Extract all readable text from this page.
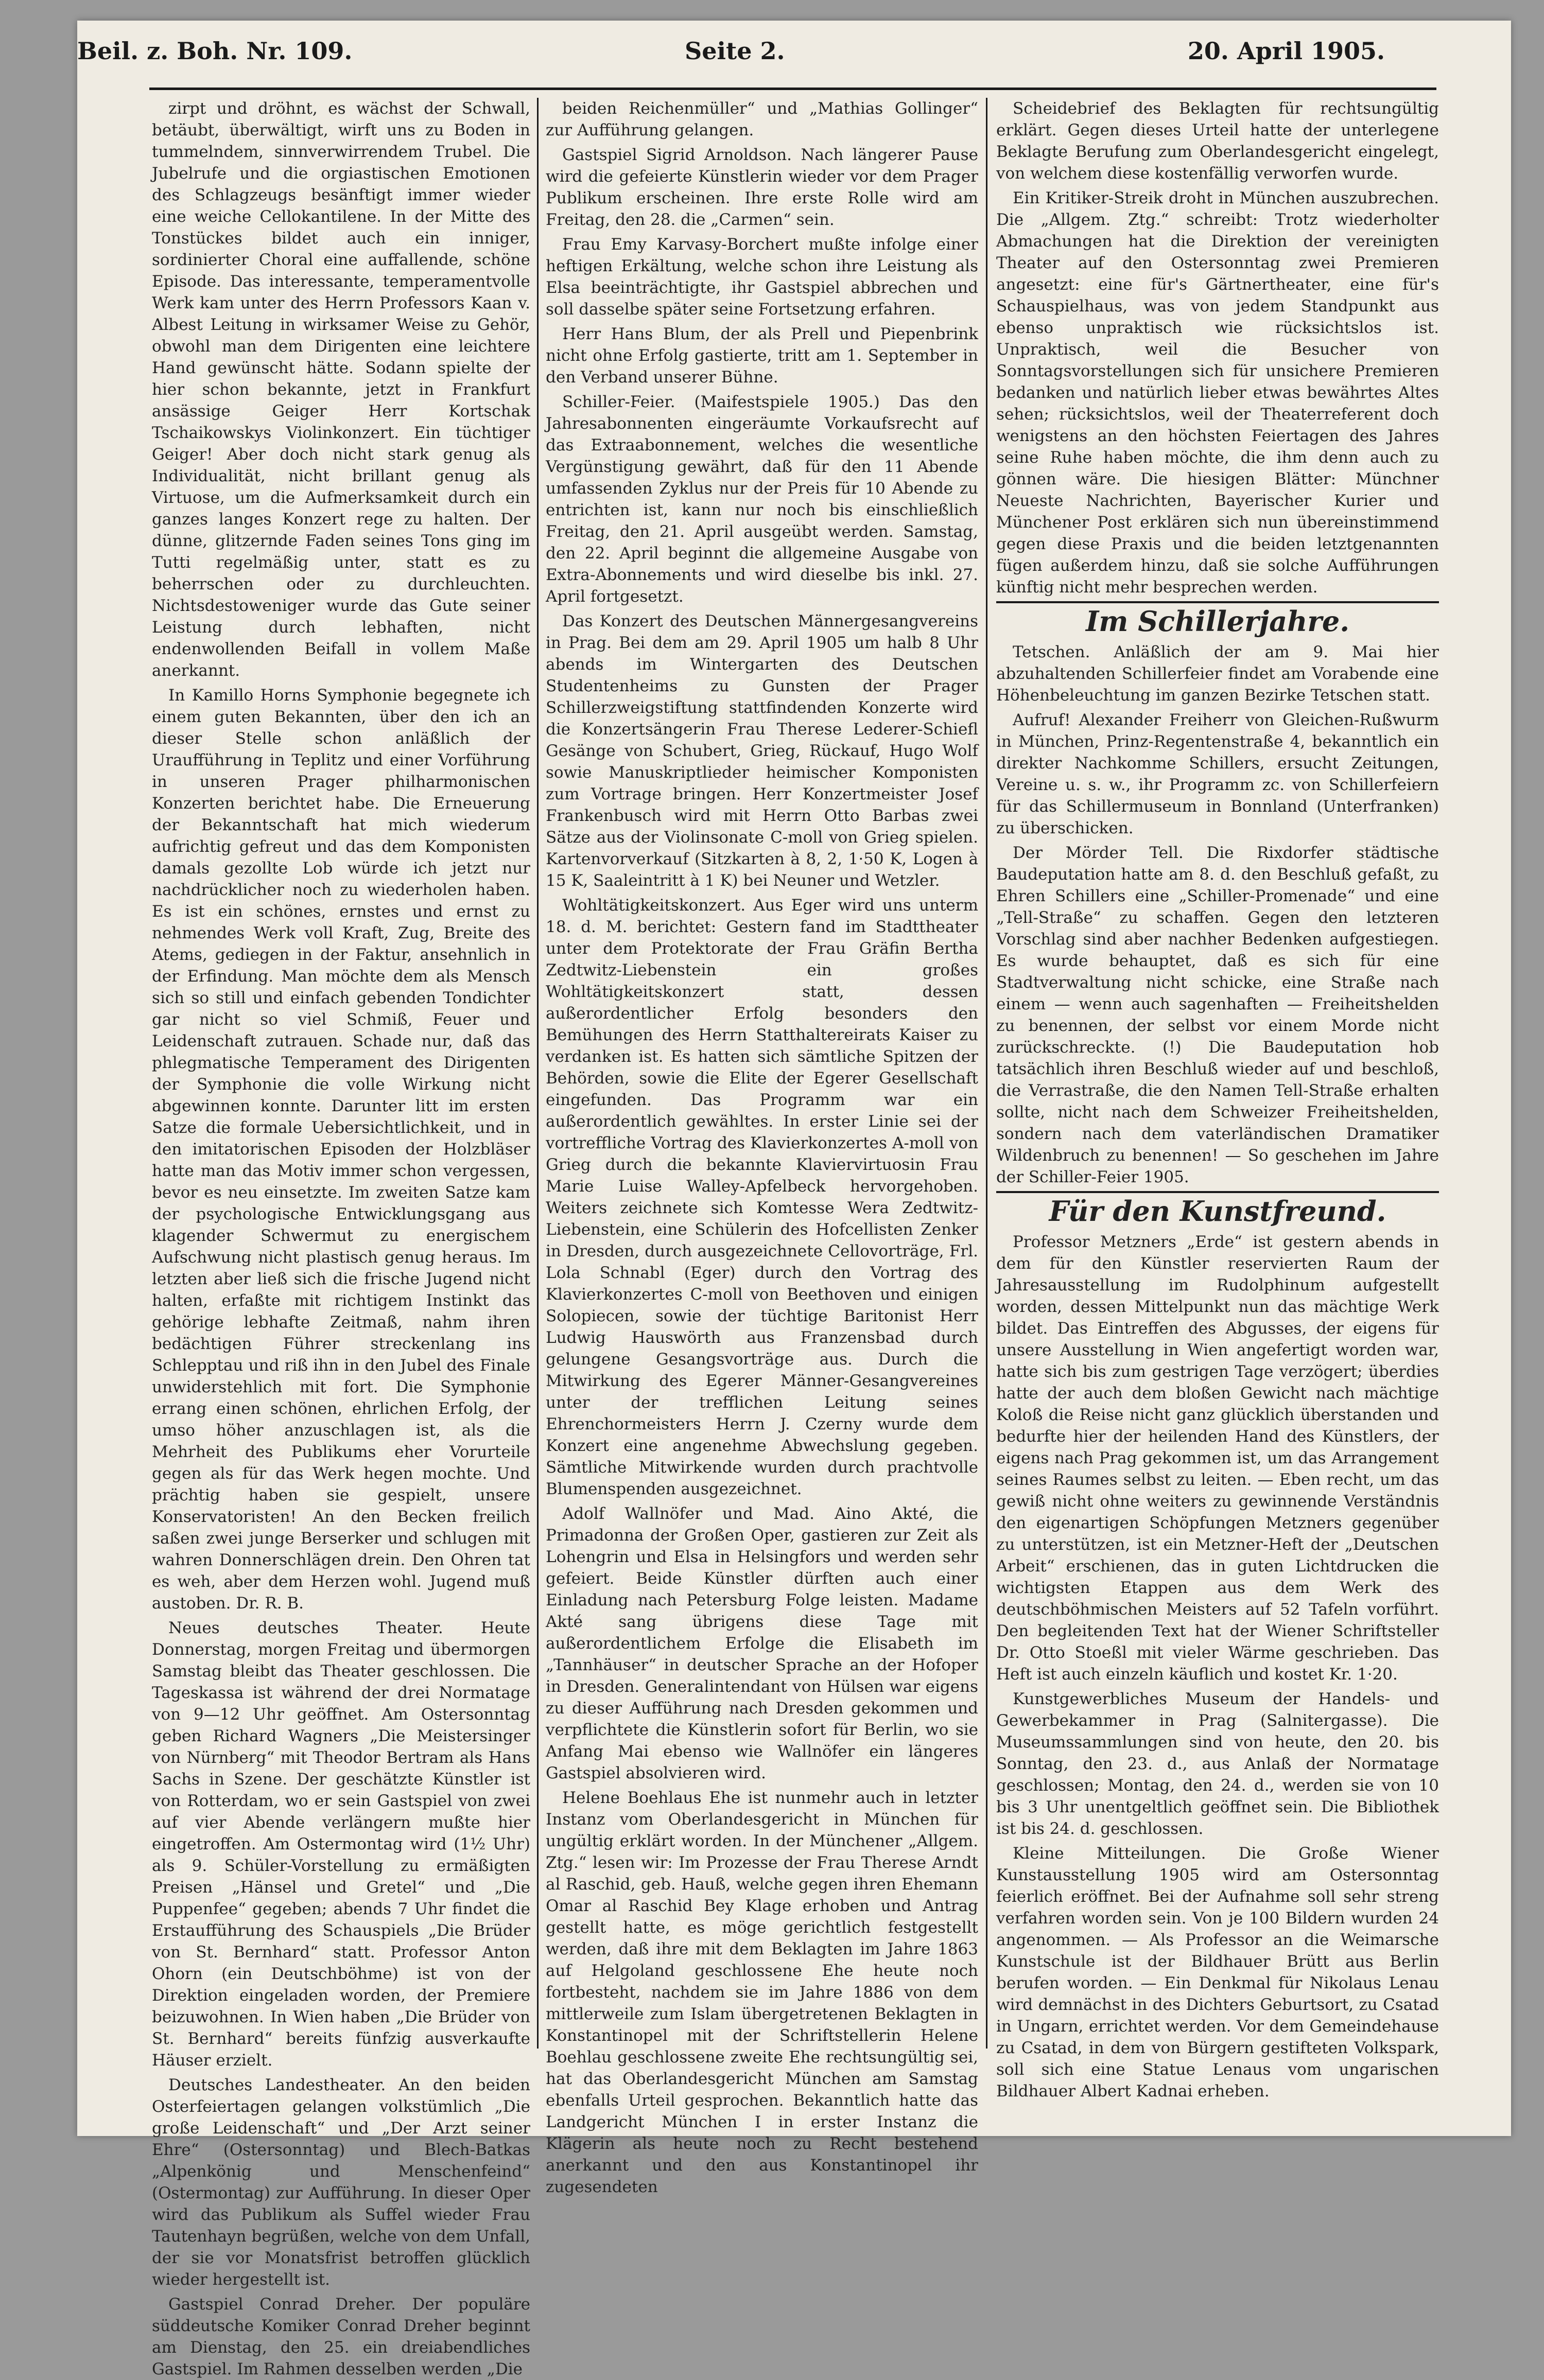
Beil. z. Boh. Nr. 109.	Seite 2.	20. April 1905.

zirpt und dröhnt, es wächst der Schwall, betäubt, überwältigt, wirft uns zu Boden in tummelndem, sinnverwirrendem Trubel. Die Jubelrufe und die orgiastischen Emotionen des Schlagzeugs besänftigt immer wieder eine weiche Cellokantilene. In der Mitte des Tonstückes bildet auch ein inniger, sordinierter Choral eine auffallende, schöne Episode. Das interessante, temperamentvolle Werk kam unter des Herrn Professors Kaan v. Albest Leitung in wirksamer Weise zu Gehör, obwohl man dem Dirigenten eine leichtere Hand gewünscht hätte. Sodann spielte der hier schon bekannte, jetzt in Frankfurt ansässige Geiger Herr Kortschak Tschaikowskys Violinkonzert. Ein tüchtiger Geiger! Aber doch nicht stark genug als Individualität, nicht brillant genug als Virtuose, um die Aufmerksamkeit durch ein ganzes langes Konzert rege zu halten. Der dünne, glitzernde Faden seines Tons ging im Tutti regelmäßig unter, statt es zu beherrschen oder zu durchleuchten. Nichtsdestoweniger wurde das Gute seiner Leistung durch lebhaften, nicht endenwollenden Beifall in vollem Maße anerkannt.

In Kamillo Horns Symphonie begegnete ich einem guten Bekannten, über den ich an dieser Stelle schon anläßlich der Uraufführung in Teplitz und einer Vorführung in unseren Prager philharmonischen Konzerten berichtet habe. Die Erneuerung der Bekanntschaft hat mich wiederum aufrichtig gefreut und das dem Komponisten damals gezollte Lob würde ich jetzt nur nachdrücklicher noch zu wiederholen haben. Es ist ein schönes, ernstes und ernst zu nehmendes Werk voll Kraft, Zug, Breite des Atems, gediegen in der Faktur, ansehnlich in der Erfindung. Man möchte dem als Mensch sich so still und einfach gebenden Tondichter gar nicht so viel Schmiß, Feuer und Leidenschaft zutrauen. Schade nur, daß das phlegmatische Temperament des Dirigenten der Symphonie die volle Wirkung nicht abgewinnen konnte. Darunter litt im ersten Satze die formale Uebersichtlichkeit, und in den imitatorischen Episoden der Holzbläser hatte man das Motiv immer schon vergessen, bevor es neu einsetzte. Im zweiten Satze kam der psychologische Entwicklungsgang aus klagender Schwermut zu energischem Aufschwung nicht plastisch genug heraus. Im letzten aber ließ sich die frische Jugend nicht halten, erfaßte mit richtigem Instinkt das gehörige lebhafte Zeitmaß, nahm ihren bedächtigen Führer streckenlang ins Schlepptau und riß ihn in den Jubel des Finale unwiderstehlich mit fort. Die Symphonie errang einen schönen, ehrlichen Erfolg, der umso höher anzuschlagen ist, als die Mehrheit des Publikums eher Vorurteile gegen als für das Werk hegen mochte. Und prächtig haben sie gespielt, unsere Konservatoristen! An den Becken freilich saßen zwei junge Berserker und schlugen mit wahren Donnerschlägen drein. Den Ohren tat es weh, aber dem Herzen wohl. Jugend muß austoben. Dr. R. B.

Neues deutsches Theater. Heute Donnerstag, morgen Freitag und übermorgen Samstag bleibt das Theater geschlossen. Die Tageskassa ist während der drei Normatage von 9—12 Uhr geöffnet. Am Ostersonntag geben Richard Wagners „Die Meistersinger von Nürnberg“ mit Theodor Bertram als Hans Sachs in Szene. Der geschätzte Künstler ist von Rotterdam, wo er sein Gastspiel von zwei auf vier Abende verlängern mußte hier eingetroffen. Am Ostermontag wird (1½ Uhr) als 9. Schüler-Vorstellung zu ermäßigten Preisen „Hänsel und Gretel“ und „Die Puppenfee“ gegeben; abends 7 Uhr findet die Erstaufführung des Schauspiels „Die Brüder von St. Bernhard“ statt. Professor Anton Ohorn (ein Deutschböhme) ist von der Direktion eingeladen worden, der Premiere beizuwohnen. In Wien haben „Die Brüder von St. Bernhard“ bereits fünfzig ausverkaufte Häuser erzielt.

Deutsches Landestheater. An den beiden Osterfeiertagen gelangen volkstümlich „Die große Leidenschaft“ und „Der Arzt seiner Ehre“ (Ostersonntag) und Blech-Batkas „Alpenkönig und Menschenfeind“ (Ostermontag) zur Aufführung. In dieser Oper wird das Publikum als Suffel wieder Frau Tautenhayn begrüßen, welche von dem Unfall, der sie vor Monatsfrist betroffen glücklich wieder hergestellt ist.

Gastspiel Conrad Dreher. Der populäre süddeutsche Komiker Conrad Dreher beginnt am Dienstag, den 25. ein dreiabendliches Gastspiel. Im Rahmen desselben werden „Die

beiden Reichenmüller“ und „Mathias Gollinger“ zur Aufführung gelangen.

Gastspiel Sigrid Arnoldson. Nach längerer Pause wird die gefeierte Künstlerin wieder vor dem Prager Publikum erscheinen. Ihre erste Rolle wird am Freitag, den 28. die „Carmen“ sein.

Frau Emy Karvasy-Borchert mußte infolge einer heftigen Erkältung, welche schon ihre Leistung als Elsa beeinträchtigte, ihr Gastspiel abbrechen und soll dasselbe später seine Fortsetzung erfahren.

Herr Hans Blum, der als Prell und Piepenbrink nicht ohne Erfolg gastierte, tritt am 1. September in den Verband unserer Bühne.

Schiller-Feier. (Maifestspiele 1905.) Das den Jahresabonnenten eingeräumte Vorkaufsrecht auf das Extraabonnement, welches die wesentliche Vergünstigung gewährt, daß für den 11 Abende umfassenden Zyklus nur der Preis für 10 Abende zu entrichten ist, kann nur noch bis einschließlich Freitag, den 21. April ausgeübt werden. Samstag, den 22. April beginnt die allgemeine Ausgabe von Extra-Abonnements und wird dieselbe bis inkl. 27. April fortgesetzt.

Das Konzert des Deutschen Männergesangvereins in Prag. Bei dem am 29. April 1905 um halb 8 Uhr abends im Wintergarten des Deutschen Studentenheims zu Gunsten der Prager Schillerzweigstiftung stattfindenden Konzerte wird die Konzertsängerin Frau Therese Lederer-Schiefl Gesänge von Schubert, Grieg, Rückauf, Hugo Wolf sowie Manuskriptlieder heimischer Komponisten zum Vortrage bringen. Herr Konzertmeister Josef Frankenbusch wird mit Herrn Otto Barbas zwei Sätze aus der Violinsonate C-moll von Grieg spielen. Kartenvorverkauf (Sitzkarten à 8, 2, 1·50 K, Logen à 15 K, Saaleintritt à 1 K) bei Neuner und Wetzler.

Wohltätigkeitskonzert. Aus Eger wird uns unterm 18. d. M. berichtet: Gestern fand im Stadttheater unter dem Protektorate der Frau Gräfin Bertha Zedtwitz-Liebenstein ein großes Wohltätigkeitskonzert statt, dessen außerordentlicher Erfolg besonders den Bemühungen des Herrn Statthaltereirats Kaiser zu verdanken ist. Es hatten sich sämtliche Spitzen der Behörden, sowie die Elite der Egerer Gesellschaft eingefunden. Das Programm war ein außerordentlich gewähltes. In erster Linie sei der vortreffliche Vortrag des Klavierkonzertes A-moll von Grieg durch die bekannte Klaviervirtuosin Frau Marie Luise Walley-Apfelbeck hervorgehoben. Weiters zeichnete sich Komtesse Wera Zedtwitz-Liebenstein, eine Schülerin des Hofcellisten Zenker in Dresden, durch ausgezeichnete Cellovorträge, Frl. Lola Schnabl (Eger) durch den Vortrag des Klavierkonzertes C-moll von Beethoven und einigen Solopiecen, sowie der tüchtige Baritonist Herr Ludwig Hauswörth aus Franzensbad durch gelungene Gesangsvorträge aus. Durch die Mitwirkung des Egerer Männer-Gesangvereines unter der trefflichen Leitung seines Ehrenchormeisters Herrn J. Czerny wurde dem Konzert eine angenehme Abwechslung gegeben. Sämtliche Mitwirkende wurden durch prachtvolle Blumenspenden ausgezeichnet.

Adolf Wallnöfer und Mad. Aino Akté, die Primadonna der Großen Oper, gastieren zur Zeit als Lohengrin und Elsa in Helsingfors und werden sehr gefeiert. Beide Künstler dürften auch einer Einladung nach Petersburg Folge leisten. Madame Akté sang übrigens diese Tage mit außerordentlichem Erfolge die Elisabeth im „Tannhäuser“ in deutscher Sprache an der Hofoper in Dresden. Generalintendant von Hülsen war eigens zu dieser Aufführung nach Dresden gekommen und verpflichtete die Künstlerin sofort für Berlin, wo sie Anfang Mai ebenso wie Wallnöfer ein längeres Gastspiel absolvieren wird.

Helene Boehlaus Ehe ist nunmehr auch in letzter Instanz vom Oberlandesgericht in München für ungültig erklärt worden. In der Münchener „Allgem. Ztg.“ lesen wir: Im Prozesse der Frau Therese Arndt al Raschid, geb. Hauß, welche gegen ihren Ehemann Omar al Raschid Bey Klage erhoben und Antrag gestellt hatte, es möge gerichtlich festgestellt werden, daß ihre mit dem Beklagten im Jahre 1863 auf Helgoland geschlossene Ehe heute noch fortbesteht, nachdem sie im Jahre 1886 von dem mittlerweile zum Islam übergetretenen Beklagten in Konstantinopel mit der Schriftstellerin Helene Boehlau geschlossene zweite Ehe rechtsungültig sei, hat das Oberlandesgericht München am Samstag ebenfalls Urteil gesprochen. Bekanntlich hatte das Landgericht München I in erster Instanz die Klägerin als heute noch zu Recht bestehend anerkannt und den aus Konstantinopel ihr zugesendeten

Scheidebrief des Beklagten für rechtsungültig erklärt. Gegen dieses Urteil hatte der unterlegene Beklagte Berufung zum Oberlandesgericht eingelegt, von welchem diese kostenfällig verworfen wurde.

Ein Kritiker-Streik droht in München auszubrechen. Die „Allgem. Ztg.“ schreibt: Trotz wiederholter Abmachungen hat die Direktion der vereinigten Theater auf den Ostersonntag zwei Premieren angesetzt: eine für's Gärtnertheater, eine für's Schauspielhaus, was von jedem Standpunkt aus ebenso unpraktisch wie rücksichtslos ist. Unpraktisch, weil die Besucher von Sonntagsvorstellungen sich für unsichere Premieren bedanken und natürlich lieber etwas bewährtes Altes sehen; rücksichtslos, weil der Theaterreferent doch wenigstens an den höchsten Feiertagen des Jahres seine Ruhe haben möchte, die ihm denn auch zu gönnen wäre. Die hiesigen Blätter: Münchner Neueste Nachrichten, Bayerischer Kurier und Münchener Post erklären sich nun übereinstimmend gegen diese Praxis und die beiden letztgenannten fügen außerdem hinzu, daß sie solche Aufführungen künftig nicht mehr besprechen werden.

Im Schillerjahre.

Tetschen. Anläßlich der am 9. Mai hier abzuhaltenden Schillerfeier findet am Vorabende eine Höhenbeleuchtung im ganzen Bezirke Tetschen statt.

Aufruf! Alexander Freiherr von Gleichen-Rußwurm in München, Prinz-Regentenstraße 4, bekanntlich ein direkter Nachkomme Schillers, ersucht Zeitungen, Vereine u. s. w., ihr Programm zc. von Schillerfeiern für das Schillermuseum in Bonnland (Unterfranken) zu überschicken.

Der Mörder Tell. Die Rixdorfer städtische Baudeputation hatte am 8. d. den Beschluß gefaßt, zu Ehren Schillers eine „Schiller-Promenade“ und eine „Tell-Straße“ zu schaffen. Gegen den letzteren Vorschlag sind aber nachher Bedenken aufgestiegen. Es wurde behauptet, daß es sich für eine Stadtverwaltung nicht schicke, eine Straße nach einem — wenn auch sagenhaften — Freiheitshelden zu benennen, der selbst vor einem Morde nicht zurückschreckte. (!) Die Baudeputation hob tatsächlich ihren Beschluß wieder auf und beschloß, die Verrastraße, die den Namen Tell-Straße erhalten sollte, nicht nach dem Schweizer Freiheitshelden, sondern nach dem vaterländischen Dramatiker Wildenbruch zu benennen! — So geschehen im Jahre der Schiller-Feier 1905.

Für den Kunstfreund.

Professor Metzners „Erde“ ist gestern abends in dem für den Künstler reservierten Raum der Jahresausstellung im Rudolphinum aufgestellt worden, dessen Mittelpunkt nun das mächtige Werk bildet. Das Eintreffen des Abgusses, der eigens für unsere Ausstellung in Wien angefertigt worden war, hatte sich bis zum gestrigen Tage verzögert; überdies hatte der auch dem bloßen Gewicht nach mächtige Koloß die Reise nicht ganz glücklich überstanden und bedurfte hier der heilenden Hand des Künstlers, der eigens nach Prag gekommen ist, um das Arrangement seines Raumes selbst zu leiten. — Eben recht, um das gewiß nicht ohne weiters zu gewinnende Verständnis den eigenartigen Schöpfungen Metzners gegenüber zu unterstützen, ist ein Metzner-Heft der „Deutschen Arbeit“ erschienen, das in guten Lichtdrucken die wichtigsten Etappen aus dem Werk des deutschböhmischen Meisters auf 52 Tafeln vorführt. Den begleitenden Text hat der Wiener Schriftsteller Dr. Otto Stoeßl mit vieler Wärme geschrieben. Das Heft ist auch einzeln käuflich und kostet Kr. 1·20.

Kunstgewerbliches Museum der Handels- und Gewerbekammer in Prag (Salnitergasse). Die Museumssammlungen sind von heute, den 20. bis Sonntag, den 23. d., aus Anlaß der Normatage geschlossen; Montag, den 24. d., werden sie von 10 bis 3 Uhr unentgeltlich geöffnet sein. Die Bibliothek ist bis 24. d. geschlossen.

Kleine Mitteilungen. Die Große Wiener Kunstausstellung 1905 wird am Ostersonntag feierlich eröffnet. Bei der Aufnahme soll sehr streng verfahren worden sein. Von je 100 Bildern wurden 24 angenommen. — Als Professor an die Weimarsche Kunstschule ist der Bildhauer Brütt aus Berlin berufen worden. — Ein Denkmal für Nikolaus Lenau wird demnächst in des Dichters Geburtsort, zu Csatad in Ungarn, errichtet werden. Vor dem Gemeindehause zu Csatad, in dem von Bürgern gestifteten Volkspark, soll sich eine Statue Lenaus vom ungarischen Bildhauer Albert Kadnai erheben.
